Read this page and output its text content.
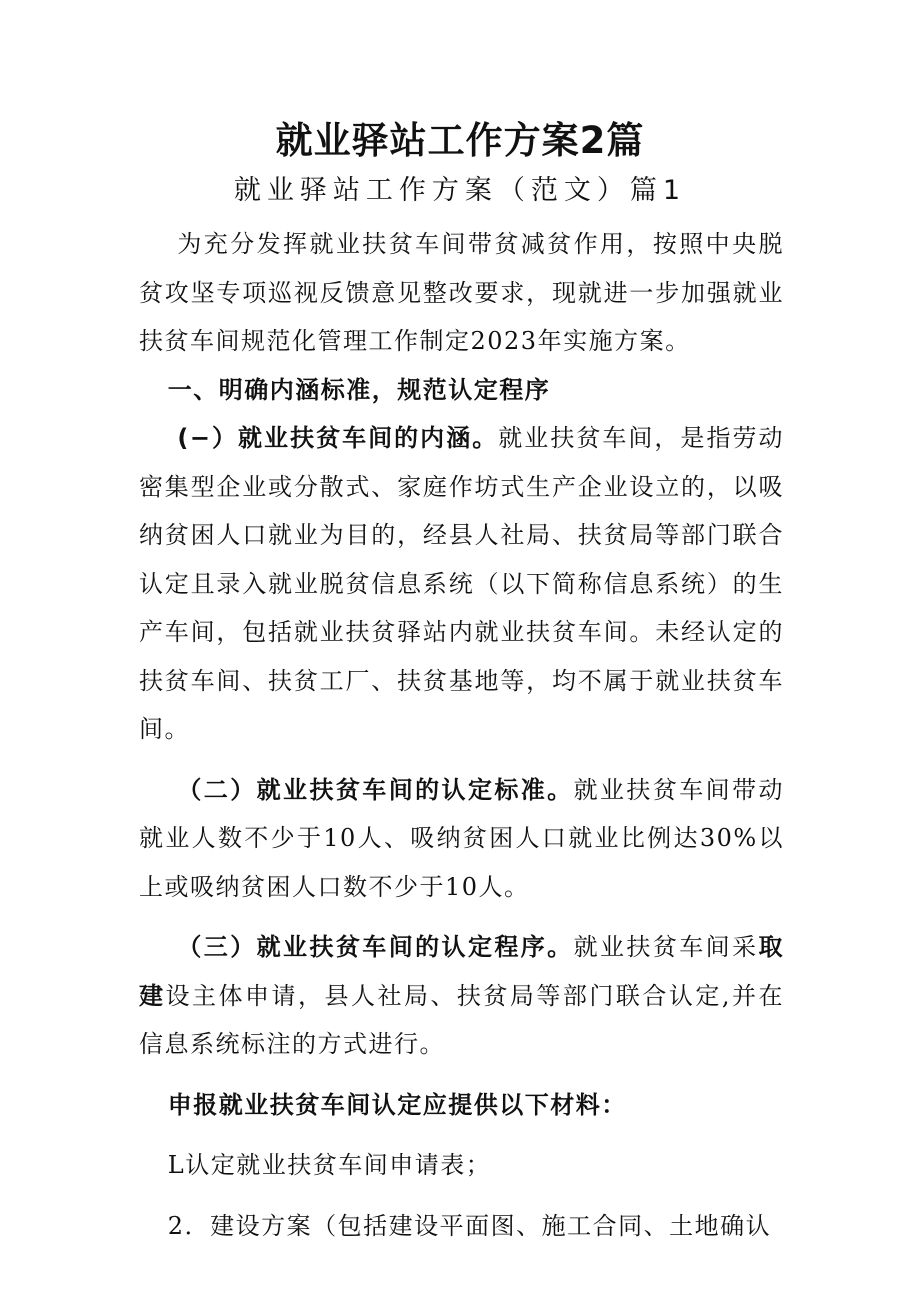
就业驿站工作方案2篇
就业驿站工作方案（范文）篇1

为充分发挥就业扶贫车间带贫减贫作用，按照中央脱贫攻坚专项巡视反馈意见整改要求，现就进一步加强就业扶贫车间规范化管理工作制定2023年实施方案。

一、明确内涵标准，规范认定程序

(−）就业扶贫车间的内涵。就业扶贫车间，是指劳动密集型企业或分散式、家庭作坊式生产企业设立的，以吸纳贫困人口就业为目的，经县人社局、扶贫局等部门联合认定且录入就业脱贫信息系统（以下简称信息系统）的生产车间，包括就业扶贫驿站内就业扶贫车间。未经认定的扶贫车间、扶贫工厂、扶贫基地等，均不属于就业扶贫车间。

（二）就业扶贫车间的认定标准。就业扶贫车间带动就业人数不少于10人、吸纳贫困人口就业比例达30%以上或吸纳贫困人口数不少于10人。

（三）就业扶贫车间的认定程序。就业扶贫车间采取建设主体申请，县人社局、扶贫局等部门联合认定,并在信息系统标注的方式进行。

申报就业扶贫车间认定应提供以下材料：

L认定就业扶贫车间申请表；

2．建设方案（包括建设平面图、施工合同、土地确认
